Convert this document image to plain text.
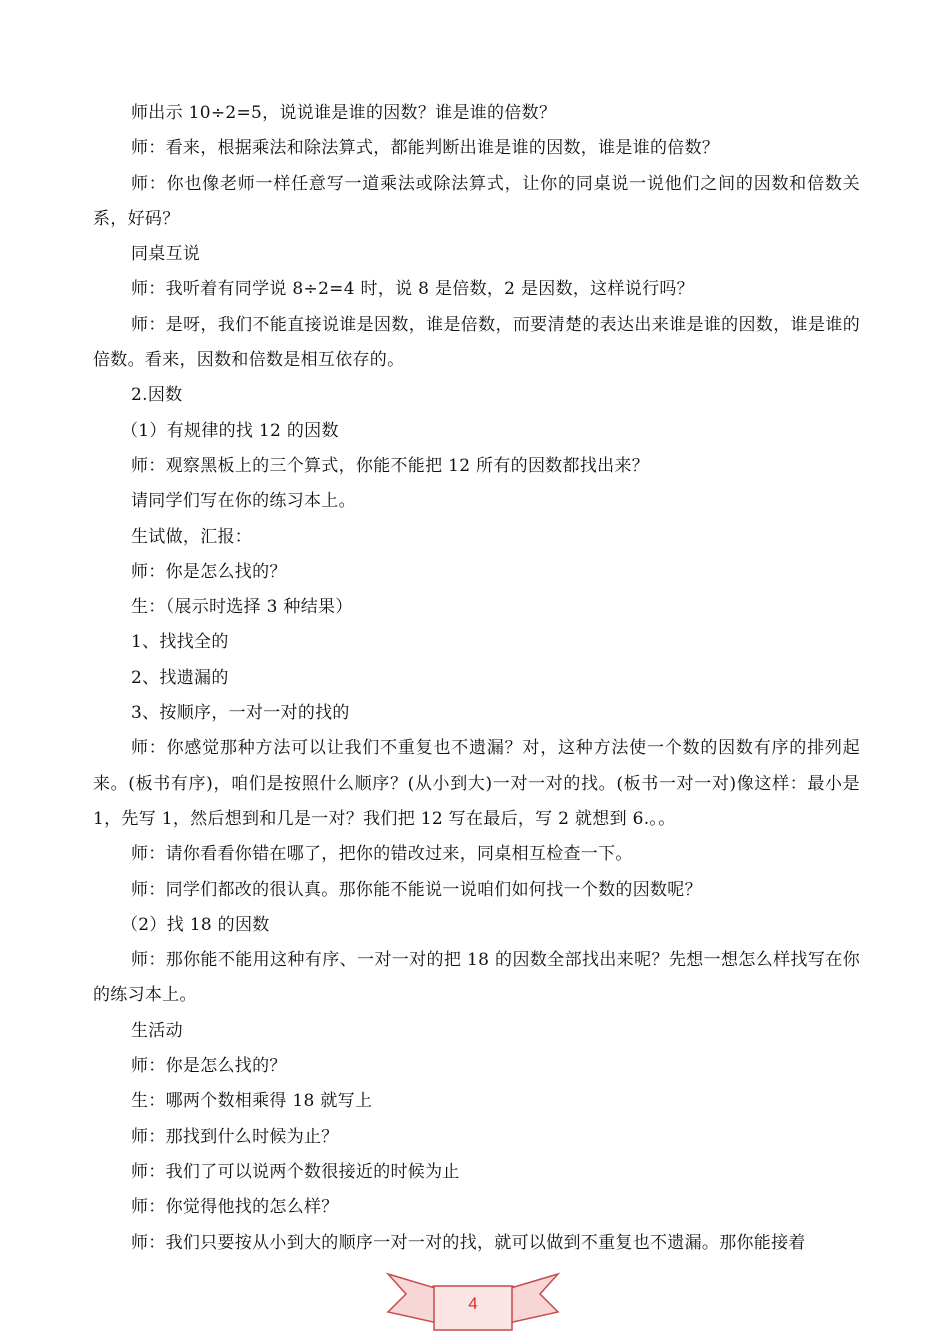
师出示 10÷2=5，说说谁是谁的因数？谁是谁的倍数？

师：看来，根据乘法和除法算式，都能判断出谁是谁的因数，谁是谁的倍数？

师：你也像老师一样任意写一道乘法或除法算式，让你的同桌说一说他们之间的因数和倍数关系，好码？

同桌互说

师：我听着有同学说 8÷2=4 时，说 8 是倍数，2 是因数，这样说行吗？

师：是呀，我们不能直接说谁是因数，谁是倍数，而要清楚的表达出来谁是谁的因数，谁是谁的倍数。看来，因数和倍数是相互依存的。

2.因数

（1）有规律的找 12 的因数

师：观察黑板上的三个算式，你能不能把 12 所有的因数都找出来？

请同学们写在你的练习本上。

生试做，汇报：

师：你是怎么找的？

生：（展示时选择 3 种结果）

1、找找全的

2、找遗漏的

3、按顺序，一对一对的找的

师：你感觉那种方法可以让我们不重复也不遗漏？对，这种方法使一个数的因数有序的排列起来。(板书有序)，咱们是按照什么顺序？(从小到大)一对一对的找。(板书一对一对)像这样：最小是 1，先写 1，然后想到和几是一对？我们把 12 写在最后，写 2 就想到 6.。。

师：请你看看你错在哪了，把你的错改过来，同桌相互检查一下。

师：同学们都改的很认真。那你能不能说一说咱们如何找一个数的因数呢？

（2）找 18 的因数

师：那你能不能用这种有序、一对一对的把 18 的因数全部找出来呢？先想一想怎么样找写在你的练习本上。

生活动

师：你是怎么找的？

生：哪两个数相乘得 18 就写上

师：那找到什么时候为止？

师：我们了可以说两个数很接近的时候为止

师：你觉得他找的怎么样？

师：我们只要按从小到大的顺序一对一对的找，就可以做到不重复也不遗漏。那你能接着

4
